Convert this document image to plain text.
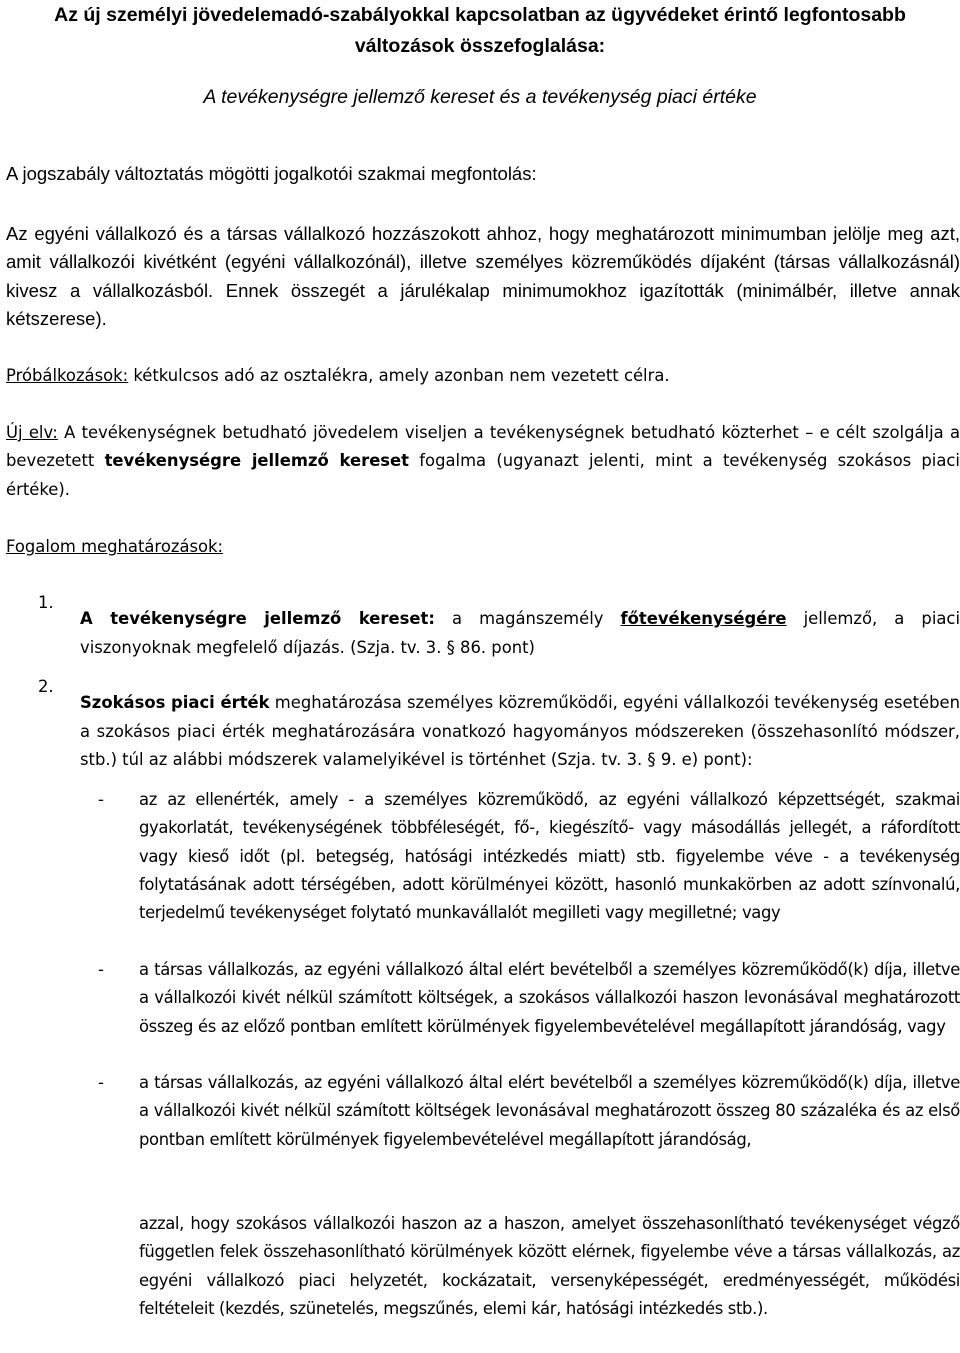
Az új személyi jövedelemadó-szabályokkal kapcsolatban az ügyvédeket érintő legfontosabb változások összefoglalása:
A tevékenységre jellemző kereset és a tevékenység piaci értéke
A jogszabály változtatás mögötti jogalkotói szakmai megfontolás:

Az egyéni vállalkozó és a társas vállalkozó hozzászokott ahhoz, hogy meghatározott minimumban jelölje meg azt, amit vállalkozói kivétként (egyéni vállalkozónál), illetve személyes közreműködés díjaként (társas vállalkozásnál) kivesz a vállalkozásból. Ennek összegét a járulékalap minimumokhoz igazították (minimálbér, illetve annak kétszerese).

Próbálkozások: kétkulcsos adó az osztalékra, amely azonban nem vezetett célra.

Új elv: A tevékenységnek betudható jövedelem viseljen a tevékenységnek betudható közterhet – e célt szolgálja a bevezetett tevékenységre jellemző kereset fogalma (ugyanazt jelenti, mint a tevékenység szokásos piaci értéke).

Fogalom meghatározások:
1.

A tevékenységre jellemző kereset: a magánszemély főtevékenységére jellemző, a piaci viszonyoknak megfelelő díjazás. (Szja. tv. 3. § 86. pont)

2.

Szokásos piaci érték meghatározása személyes közreműködői, egyéni vállalkozói tevékenység esetében a szokásos piaci érték meghatározására vonatkozó hagyományos módszereken (összehasonlító módszer, stb.) túl az alábbi módszerek valamelyikével is történhet (Szja. tv. 3. § 9. e) pont):

- az az ellenérték, amely - a személyes közreműködő, az egyéni vállalkozó képzettségét, szakmai gyakorlatát, tevékenységének többféleségét, fő-, kiegészítő- vagy másodállás jellegét, a ráfordított vagy kieső időt (pl. betegség, hatósági intézkedés miatt) stb. figyelembe véve - a tevékenység folytatásának adott térségében, adott körülményei között, hasonló munkakörben az adott színvonalú, terjedelmű tevékenységet folytató munkavállalót megilleti vagy megilletné; vagy
- a társas vállalkozás, az egyéni vállalkozó által elért bevételből a személyes közreműködő(k) díja, illetve a vállalkozói kivét nélkül számított költségek, a szokásos vállalkozói haszon levonásával meghatározott összeg és az előző pontban említett körülmények figyelembevételével megállapított járandóság, vagy
- a társas vállalkozás, az egyéni vállalkozó által elért bevételből a személyes közreműködő(k) díja, illetve a vállalkozói kivét nélkül számított költségek levonásával meghatározott összeg 80 százaléka és az első pontban említett körülmények figyelembevételével megállapított járandóság,
azzal, hogy szokásos vállalkozói haszon az a haszon, amelyet összehasonlítható tevékenységet végző független felek összehasonlítható körülmények között elérnek, figyelembe véve a társas vállalkozás, az egyéni vállalkozó piaci helyzetét, kockázatait, versenyképességét, eredményességét, működési feltételeit (kezdés, szünetelés, megszűnés, elemi kár, hatósági intézkedés stb.).
